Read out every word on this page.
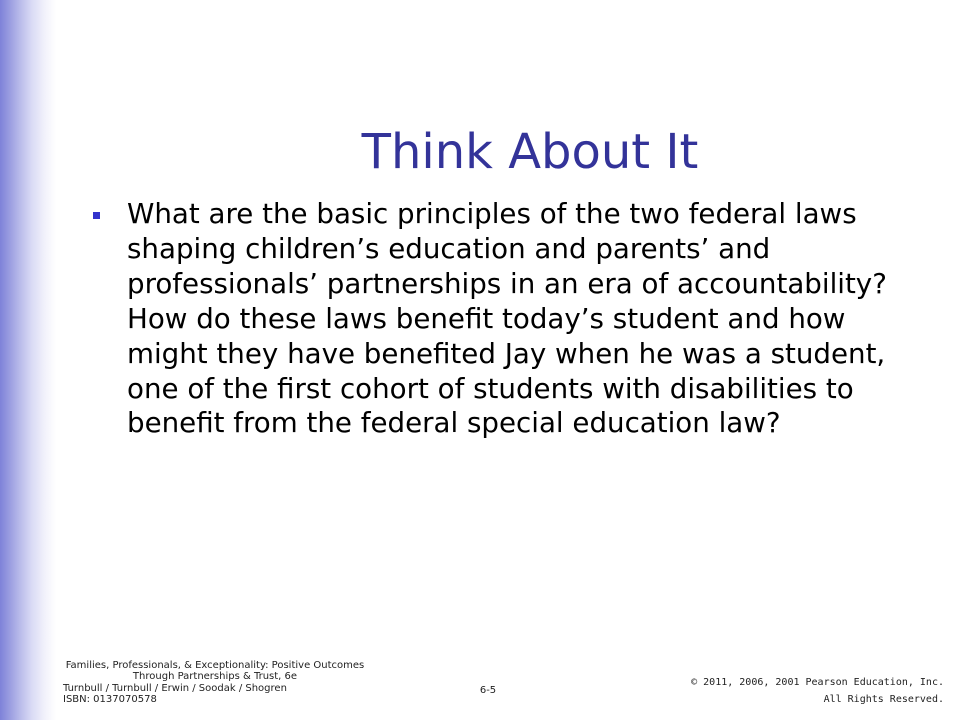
Think About It
What are the basic principles of the two federal laws
shaping children’s education and parents’ and
professionals’ partnerships in an era of accountability?
How do these laws benefit today’s student and how
might they have benefited Jay when he was a student,
one of the first cohort of students with disabilities to
benefit from the federal special education law?
Families, Professionals, & Exceptionality: Positive Outcomes
Through Partnerships & Trust, 6e
Turnbull / Turnbull / Erwin / Soodak / Shogren
ISBN: 0137070578
6-5
© 2011, 2006, 2001 Pearson Education, Inc.
All Rights Reserved.
